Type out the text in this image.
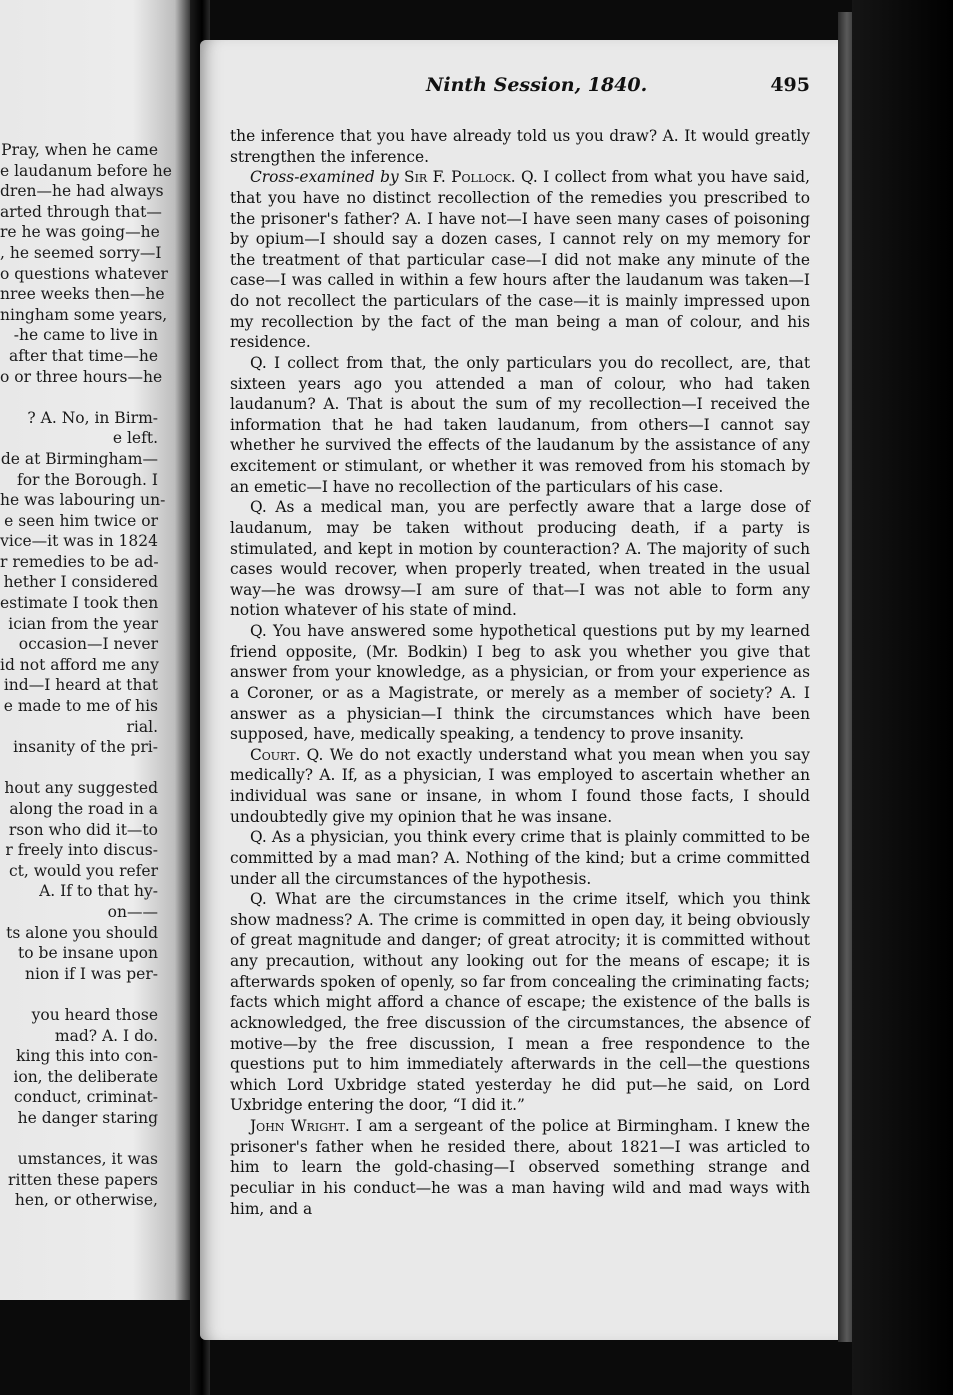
Pray, when he came
e laudanum before he
dren—he had always
arted through that—
re he was going—he
, he seemed sorry—I
o questions whatever
nree weeks then—he
ningham some years,
-he came to live in
after that time—he
o or three hours—he
? A. No, in Birm-
e left.
de at Birmingham—
for the Borough. I
he was labouring un-
e seen him twice or
vice—it was in 1824
r remedies to be ad-
hether I considered
estimate I took then
ician from the year
occasion—I never
id not afford me any
ind—I heard at that
e made to me of his
rial.
insanity of the pri-
hout any suggested
along the road in a
rson who did it—to
r freely into discus-
ct, would you refer
A. If to that hy-
on——
ts alone you should
to be insane upon
nion if I was per-
you heard those
mad? A. I do.
king this into con-
ion, the deliberate
conduct, criminat-
he danger staring
umstances, it was
ritten these papers
hen, or otherwise,
Ninth Session, 1840.	495

the inference that you have already told us you draw? A. It would greatly strengthen the inference.

Cross-examined by Sir F. Pollock. Q. I collect from what you have said, that you have no distinct recollection of the remedies you prescribed to the prisoner's father? A. I have not—I have seen many cases of poisoning by opium—I should say a dozen cases, I cannot rely on my memory for the treatment of that particular case—I did not make any minute of the case—I was called in within a few hours after the laudanum was taken—I do not recollect the particulars of the case—it is mainly impressed upon my recollection by the fact of the man being a man of colour, and his residence.

Q. I collect from that, the only particulars you do recollect, are, that sixteen years ago you attended a man of colour, who had taken laudanum? A. That is about the sum of my recollection—I received the information that he had taken laudanum, from others—I cannot say whether he survived the effects of the laudanum by the assistance of any excitement or stimulant, or whether it was removed from his stomach by an emetic—I have no recollection of the particulars of his case.

Q. As a medical man, you are perfectly aware that a large dose of laudanum, may be taken without producing death, if a party is stimulated, and kept in motion by counteraction? A. The majority of such cases would recover, when properly treated, when treated in the usual way—he was drowsy—I am sure of that—I was not able to form any notion whatever of his state of mind.

Q. You have answered some hypothetical questions put by my learned friend opposite, (Mr. Bodkin) I beg to ask you whether you give that answer from your knowledge, as a physician, or from your experience as a Coroner, or as a Magistrate, or merely as a member of society? A. I answer as a physician—I think the circumstances which have been supposed, have, medically speaking, a tendency to prove insanity.

Court. Q. We do not exactly understand what you mean when you say medically? A. If, as a physician, I was employed to ascertain whether an individual was sane or insane, in whom I found those facts, I should undoubtedly give my opinion that he was insane.

Q. As a physician, you think every crime that is plainly committed to be committed by a mad man? A. Nothing of the kind; but a crime committed under all the circumstances of the hypothesis.

Q. What are the circumstances in the crime itself, which you think show madness? A. The crime is committed in open day, it being obviously of great magnitude and danger; of great atrocity; it is committed without any precaution, without any looking out for the means of escape; it is afterwards spoken of openly, so far from concealing the criminating facts; facts which might afford a chance of escape; the existence of the balls is acknowledged, the free discussion of the circumstances, the absence of motive—by the free discussion, I mean a free respondence to the questions put to him immediately afterwards in the cell—the questions which Lord Uxbridge stated yesterday he did put—he said, on Lord Uxbridge entering the door, “I did it.”

John Wright. I am a sergeant of the police at Birmingham. I knew the prisoner's father when he resided there, about 1821—I was articled to him to learn the gold-chasing—I observed something strange and peculiar in his conduct—he was a man having wild and mad ways with him, and a
